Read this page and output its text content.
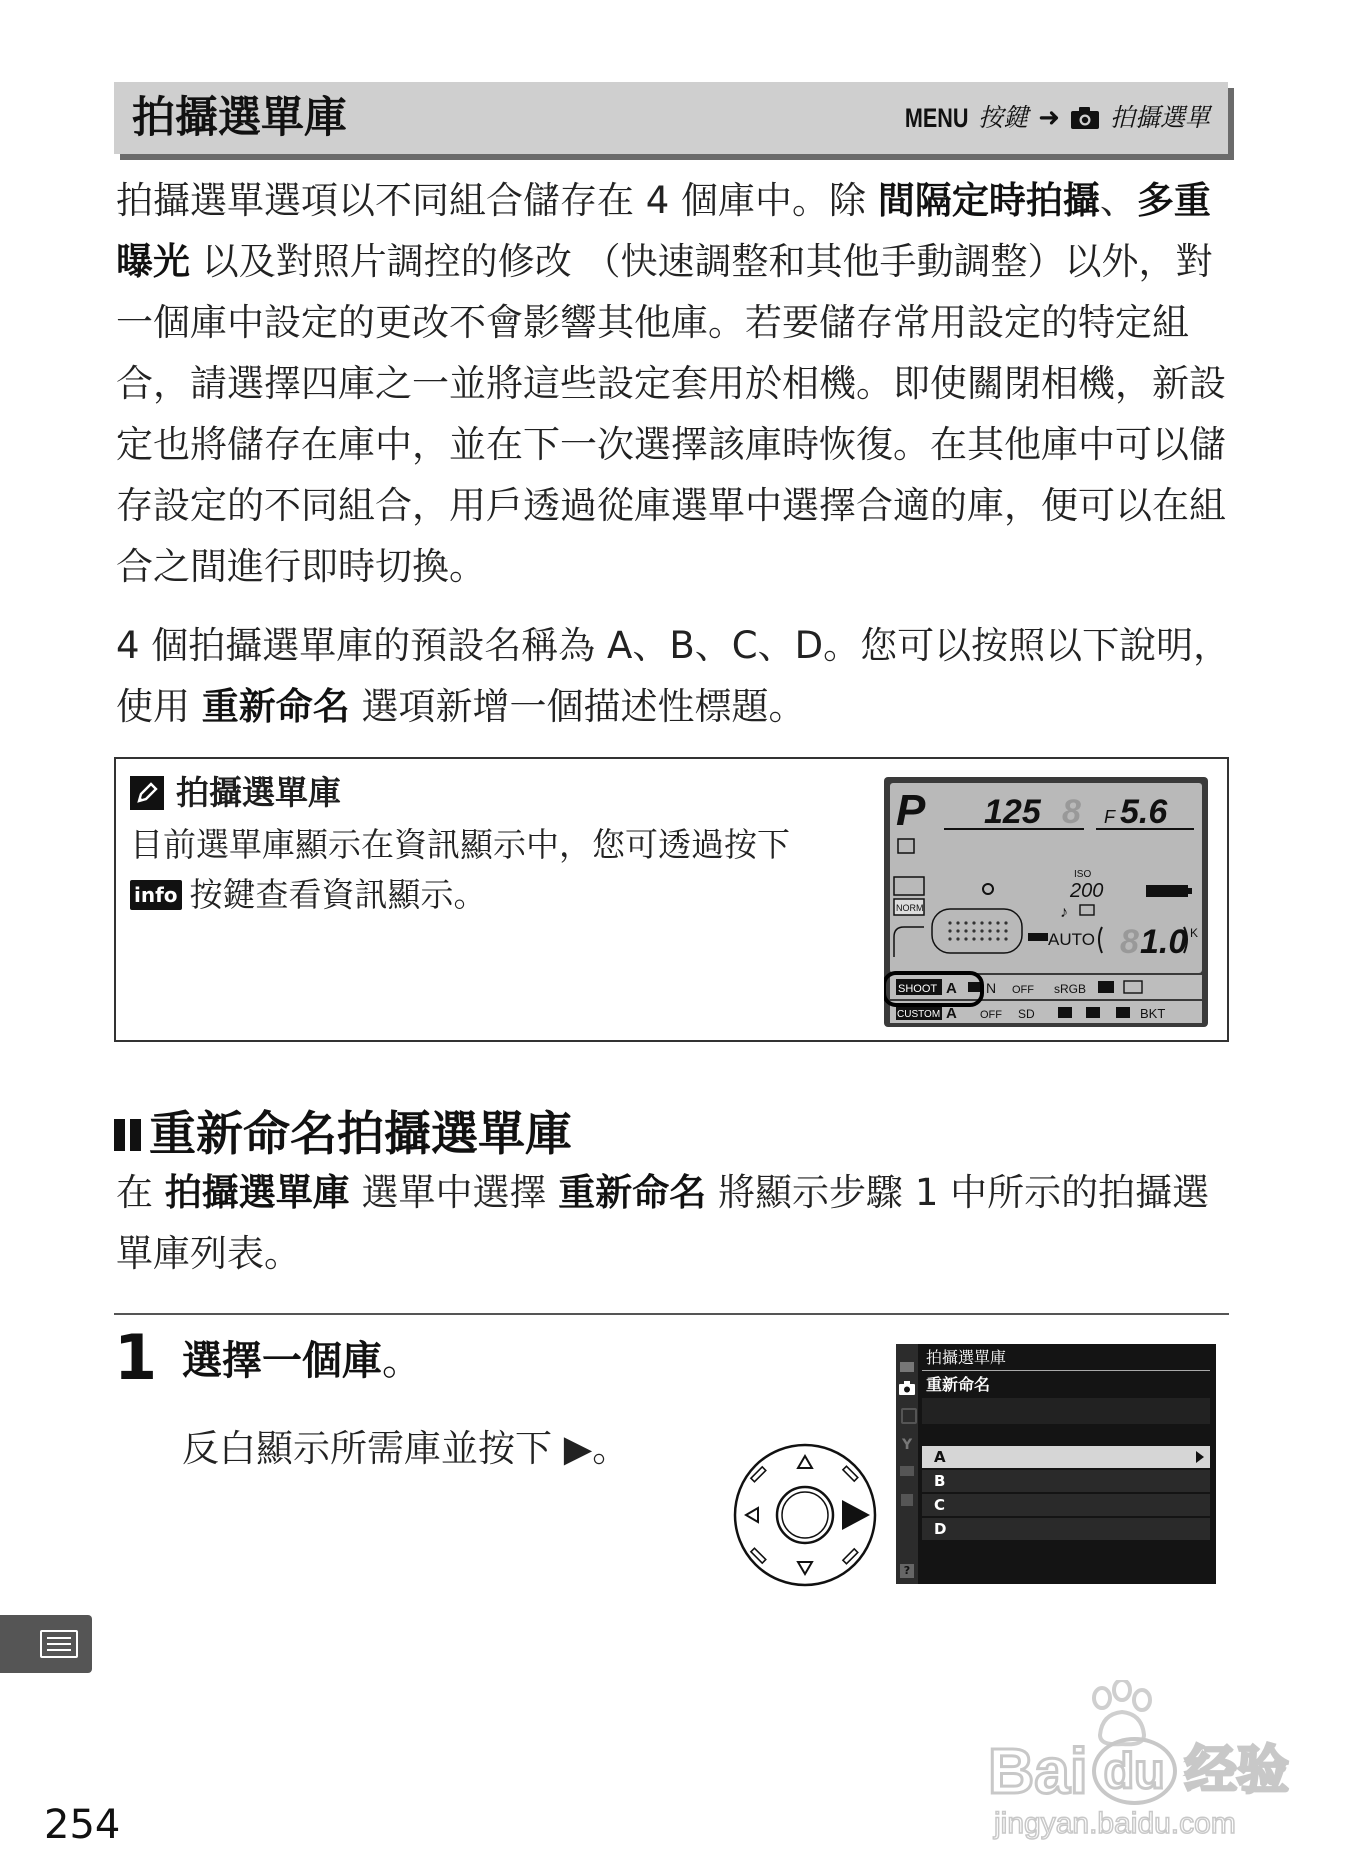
拍攝選單庫	MENU 按鍵 ➜ 拍攝選單
拍攝選單選項以不同組合儲存在 4 個庫中。除 間隔定時拍攝、多重曝光 以及對照片調控的修改 （快速調整和其他手動調整）以外，對一個庫中設定的更改不會影響其他庫。若要儲存常用設定的特定組合，請選擇四庫之一並將這些設定套用於相機。即使關閉相機，新設定也將儲存在庫中，並在下一次選擇該庫時恢復。在其他庫中可以儲存設定的不同組合，用戶透過從庫選單中選擇合適的庫，便可以在組合之間進行即時切換。
4 個拍攝選單庫的預設名稱為 A、B、C、D。您可以按照以下說明，使用 重新命名 選項新增一個描述性標題。
拍攝選單庫
目前選單庫顯示在資訊顯示中，您可透過按下
info 按鍵查看資訊顯示。
P 125 8 F 5.6
NORM
ISO
200
♪
AUTO 8 1.0 K
SHOOT A N OFF sRGB
CUSTOM A OFF SD	BKT
重新命名拍攝選單庫
在 拍攝選單庫 選單中選擇 重新命名 將顯示步驟 1 中所示的拍攝選單庫列表。
1 選擇一個庫。
反白顯示所需庫並按下 ▶。	Y
?
拍攝選單庫
重新命名
A
B
C
D
254
Bai du 经验
jingyan.baidu.com
